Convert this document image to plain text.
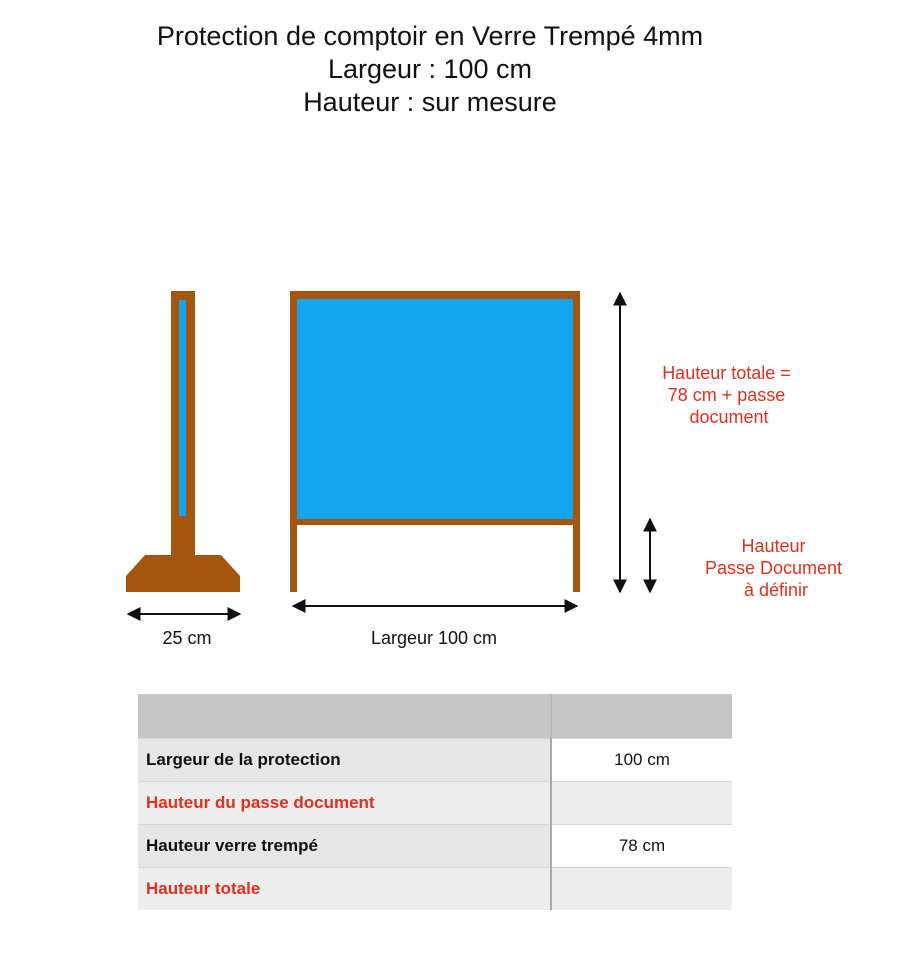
Protection de comptoir en Verre Trempé 4mm
Largeur : 100 cm
Hauteur : sur mesure
25 cm	Largeur 100 cm
Hauteur totale = 78 cm + passe document
Hauteur Passe Document à définir

Largeur de la protection	100 cm
Hauteur du passe document	
Hauteur verre trempé	78 cm
Hauteur totale	
